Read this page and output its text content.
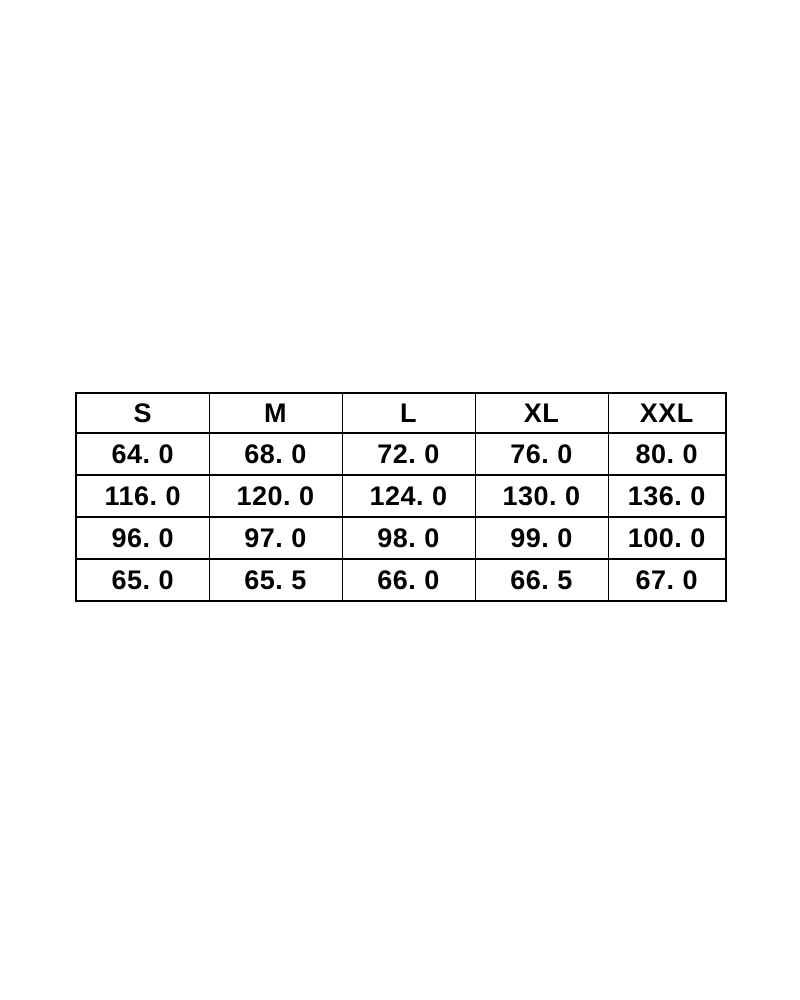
S	M	L	XL	XXL
64. 0	68. 0	72. 0	76. 0	80. 0
116. 0	120. 0	124. 0	130. 0	136. 0
96. 0	97. 0	98. 0	99. 0	100. 0
65. 0	65. 5	66. 0	66. 5	67. 0
